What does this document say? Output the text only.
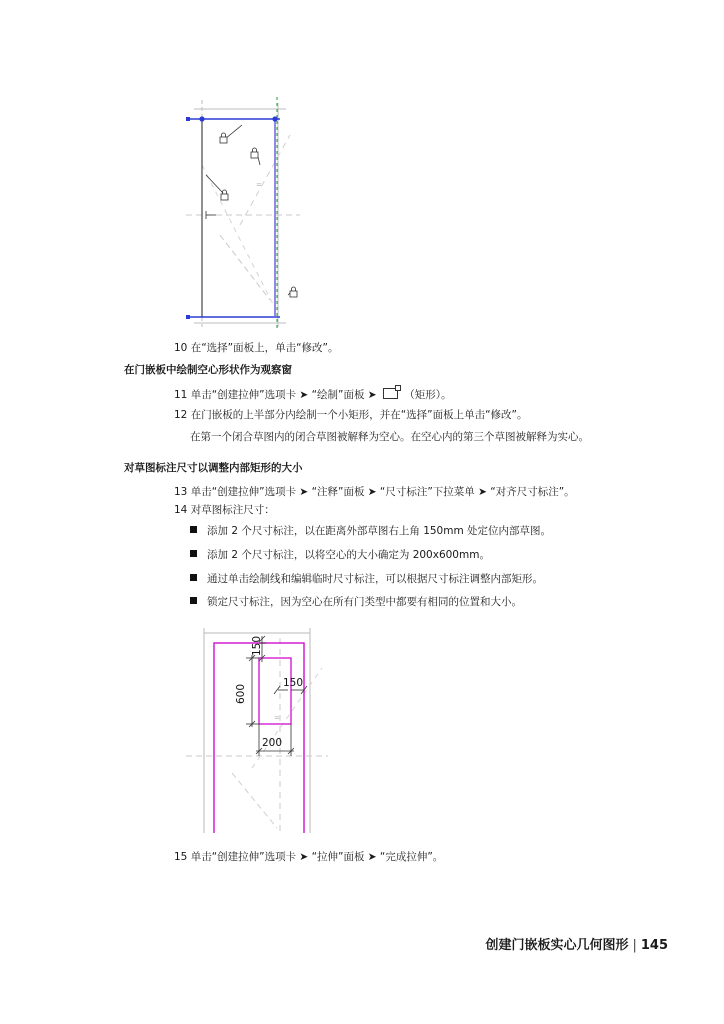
=
10 在“选择”面板上，单击“修改”。
在门嵌板中绘制空心形状作为观察窗
11 单击“创建拉伸”选项卡 ➤ “绘制”面板 ➤	（矩形）。
12 在门嵌板的上半部分内绘制一个小矩形，并在“选择”面板上单击“修改”。
在第一个闭合草图内的闭合草图被解释为空心。在空心内的第三个草图被解释为实心。
对草图标注尺寸以调整内部矩形的大小
13 单击“创建拉伸”选项卡 ➤ “注释”面板 ➤ “尺寸标注”下拉菜单 ➤ “对齐尺寸标注”。
14 对草图标注尺寸：
添加 2 个尺寸标注，以在距离外部草图右上角 150mm 处定位内部草图。
添加 2 个尺寸标注，以将空心的大小确定为 200x600mm。
通过单击绘制线和编辑临时尺寸标注，可以根据尺寸标注调整内部矩形。
锁定尺寸标注，因为空心在所有门类型中都要有相同的位置和大小。
150
600
150
200
=
15 单击“创建拉伸”选项卡 ➤ “拉伸”面板 ➤ “完成拉伸”。
创建门嵌板实心几何图形 | 145
